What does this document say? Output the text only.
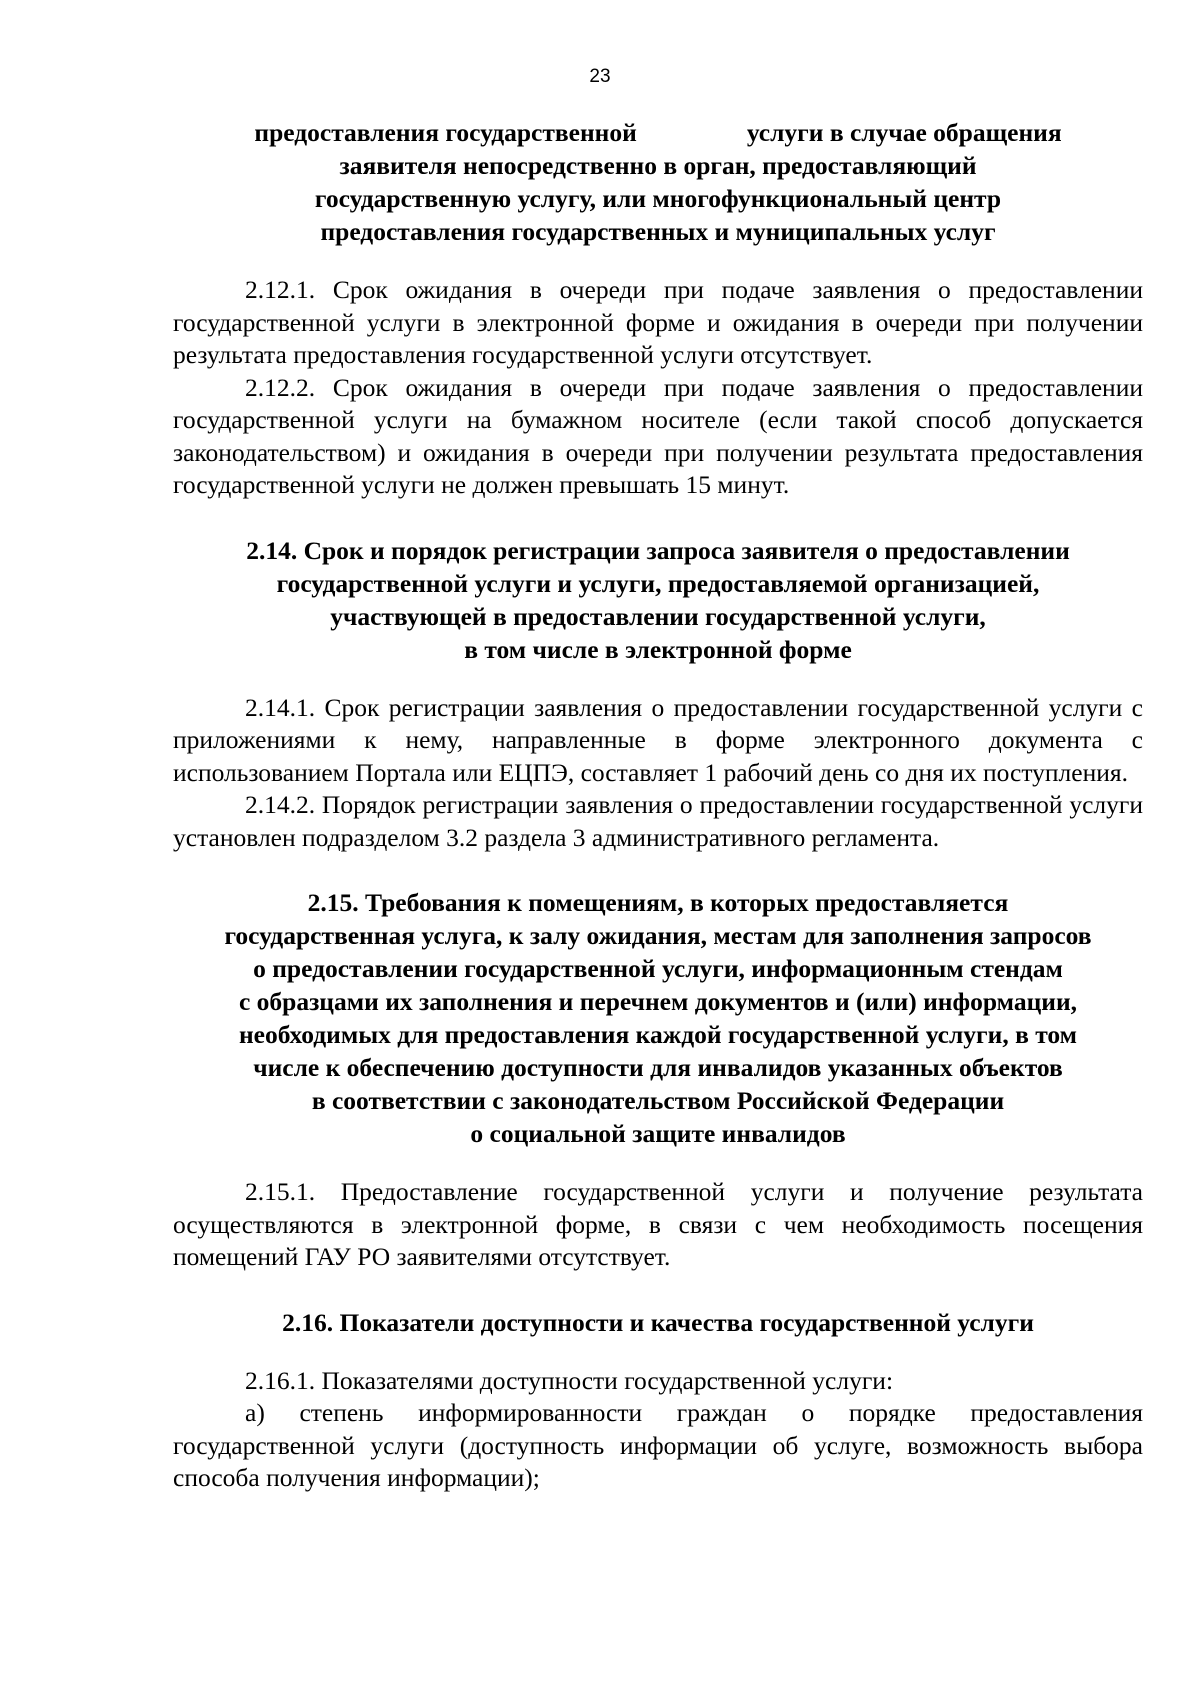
23
предоставления государственной	услуги в случае обращения
заявителя непосредственно в орган, предоставляющий
государственную услугу, или многофункциональный центр
предоставления государственных и муниципальных услуг

2.12.1. Срок ожидания в очереди при подаче заявления о предоставлении государственной услуги в электронной форме и ожидания в очереди при получении результата предоставления государственной услуги отсутствует.

2.12.2. Срок ожидания в очереди при подаче заявления о предоставлении государственной услуги на бумажном носителе (если такой способ допускается законодательством) и ожидания в очереди при получении результата предоставления государственной услуги не должен превышать 15 минут.

2.14. Срок и порядок регистрации запроса заявителя о предоставлении
государственной услуги и услуги, предоставляемой организацией,
участвующей в предоставлении государственной услуги,
в том числе в электронной форме

2.14.1. Срок регистрации заявления о предоставлении государственной услуги с приложениями к нему, направленные в форме электронного документа с использованием Портала или ЕЦПЭ, составляет 1 рабочий день со дня их поступления.

2.14.2. Порядок регистрации заявления о предоставлении государственной услуги установлен подразделом 3.2 раздела 3 административного регламента.

2.15. Требования к помещениям, в которых предоставляется
государственная услуга, к залу ожидания, местам для заполнения запросов
о предоставлении государственной услуги, информационным стендам
с образцами их заполнения и перечнем документов и (или) информации,
необходимых для предоставления каждой государственной услуги, в том
числе к обеспечению доступности для инвалидов указанных объектов
в соответствии с законодательством Российской Федерации
о социальной защите инвалидов

2.15.1. Предоставление государственной услуги и получение результата осуществляются в электронной форме, в связи с чем необходимость посещения помещений ГАУ РО заявителями отсутствует.

2.16. Показатели доступности и качества государственной услуги

2.16.1. Показателями доступности государственной услуги:

а) степень информированности граждан о порядке предоставления государственной услуги (доступность информации об услуге, возможность выбора способа получения информации);
